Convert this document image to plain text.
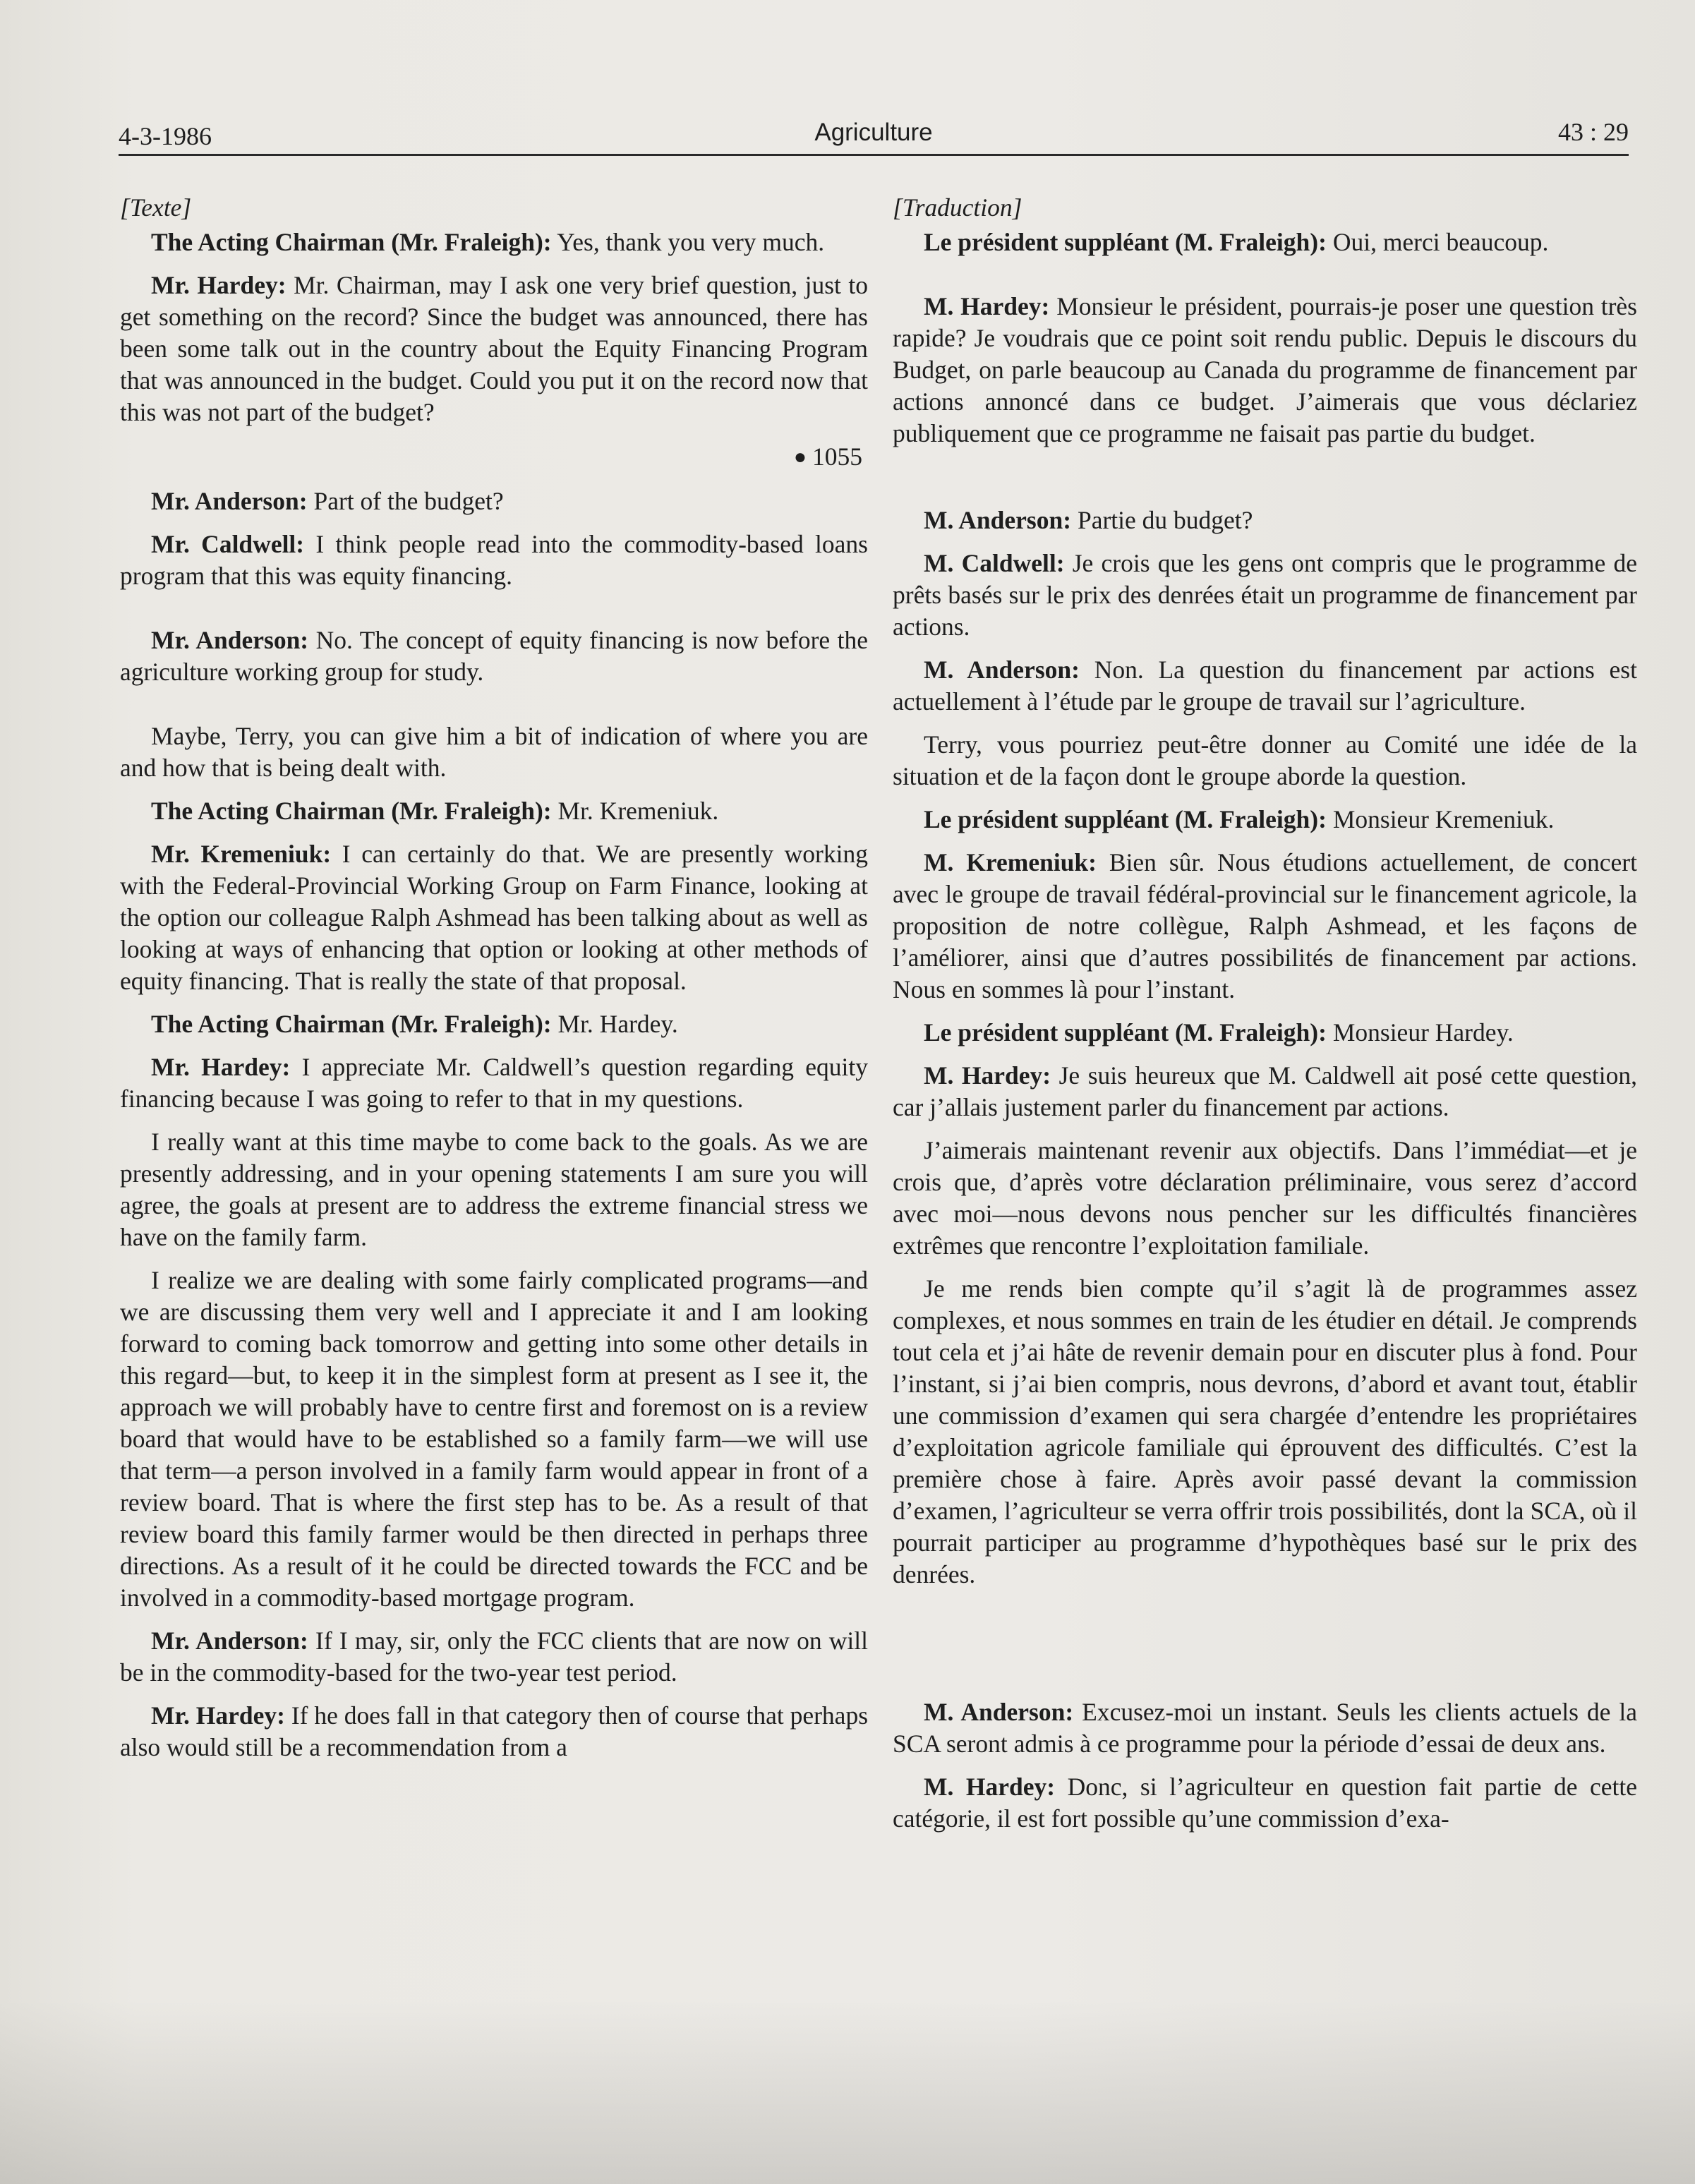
4-3-1986	Agriculture	43 : 29

[Texte]

The Acting Chairman (Mr. Fraleigh): Yes, thank you very much.

Mr. Hardey: Mr. Chairman, may I ask one very brief question, just to get something on the record? Since the budget was announced, there has been some talk out in the country about the Equity Financing Program that was announced in the budget. Could you put it on the record now that this was not part of the budget?

● 1055

Mr. Anderson: Part of the budget?

Mr. Caldwell: I think people read into the commodity-based loans program that this was equity financing.

Mr. Anderson: No. The concept of equity financing is now before the agriculture working group for study.

Maybe, Terry, you can give him a bit of indication of where you are and how that is being dealt with.

The Acting Chairman (Mr. Fraleigh): Mr. Kremeniuk.

Mr. Kremeniuk: I can certainly do that. We are presently working with the Federal-Provincial Working Group on Farm Finance, looking at the option our colleague Ralph Ashmead has been talking about as well as looking at ways of enhancing that option or looking at other methods of equity financing. That is really the state of that proposal.

The Acting Chairman (Mr. Fraleigh): Mr. Hardey.

Mr. Hardey: I appreciate Mr. Caldwell’s question regarding equity financing because I was going to refer to that in my questions.

I really want at this time maybe to come back to the goals. As we are presently addressing, and in your opening statements I am sure you will agree, the goals at present are to address the extreme financial stress we have on the family farm.

I realize we are dealing with some fairly complicated programs—and we are discussing them very well and I appreciate it and I am looking forward to coming back tomorrow and getting into some other details in this regard—but, to keep it in the simplest form at present as I see it, the approach we will probably have to centre first and foremost on is a review board that would have to be established so a family farm—we will use that term—a person involved in a family farm would appear in front of a review board. That is where the first step has to be. As a result of that review board this family farmer would be then directed in perhaps three directions. As a result of it he could be directed towards the FCC and be involved in a commodity-based mortgage program.

Mr. Anderson: If I may, sir, only the FCC clients that are now on will be in the commodity-based for the two-year test period.

Mr. Hardey: If he does fall in that category then of course that perhaps also would still be a recommendation from a

[Traduction]

Le président suppléant (M. Fraleigh): Oui, merci beaucoup.

M. Hardey: Monsieur le président, pourrais-je poser une question très rapide? Je voudrais que ce point soit rendu public. Depuis le discours du Budget, on parle beaucoup au Canada du programme de financement par actions annoncé dans ce budget. J’aimerais que vous déclariez publiquement que ce programme ne faisait pas partie du budget.

M. Anderson: Partie du budget?

M. Caldwell: Je crois que les gens ont compris que le programme de prêts basés sur le prix des denrées était un programme de financement par actions.

M. Anderson: Non. La question du financement par actions est actuellement à l’étude par le groupe de travail sur l’agriculture.

Terry, vous pourriez peut-être donner au Comité une idée de la situation et de la façon dont le groupe aborde la question.

Le président suppléant (M. Fraleigh): Monsieur Kremeniuk.

M. Kremeniuk: Bien sûr. Nous étudions actuellement, de concert avec le groupe de travail fédéral-provincial sur le financement agricole, la proposition de notre collègue, Ralph Ashmead, et les façons de l’améliorer, ainsi que d’autres possibilités de financement par actions. Nous en sommes là pour l’instant.

Le président suppléant (M. Fraleigh): Monsieur Hardey.

M. Hardey: Je suis heureux que M. Caldwell ait posé cette question, car j’allais justement parler du financement par actions.

J’aimerais maintenant revenir aux objectifs. Dans l’immédiat—et je crois que, d’après votre déclaration préliminaire, vous serez d’accord avec moi—nous devons nous pencher sur les difficultés financières extrêmes que rencontre l’exploitation familiale.

Je me rends bien compte qu’il s’agit là de programmes assez complexes, et nous sommes en train de les étudier en détail. Je comprends tout cela et j’ai hâte de revenir demain pour en discuter plus à fond. Pour l’instant, si j’ai bien compris, nous devrons, d’abord et avant tout, établir une commission d’examen qui sera chargée d’entendre les propriétaires d’exploitation agricole familiale qui éprouvent des difficultés. C’est la première chose à faire. Après avoir passé devant la commission d’examen, l’agriculteur se verra offrir trois possibilités, dont la SCA, où il pourrait participer au programme d’hypothèques basé sur le prix des denrées.

M. Anderson: Excusez-moi un instant. Seuls les clients actuels de la SCA seront admis à ce programme pour la période d’essai de deux ans.

M. Hardey: Donc, si l’agriculteur en question fait partie de cette catégorie, il est fort possible qu’une commission d’exa-
